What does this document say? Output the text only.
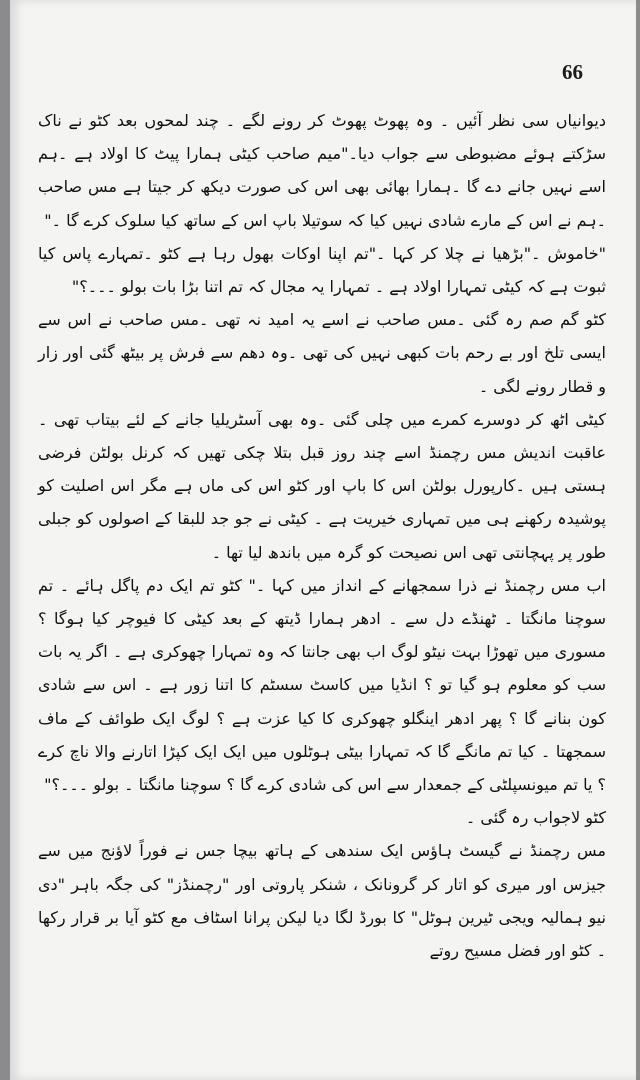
66

دیوانیاں سی نظر آئیں ۔ وہ پھوٹ پھوٹ کر رونے لگے ۔ چند لمحوں بعد کٹو نے ناک سڑکتے ہوئے مضبوطی سے جواب دیا۔"میم صاحب کیٹی ہمارا پیٹ کا اولاد ہے ۔ہم اسے نہیں جانے دے گا ۔ہمارا بھائی بھی اس کی صورت دیکھ کر جیتا ہے مس صاحب ۔ہم نے اس کے مارے شادی نہیں کیا کہ سوتیلا باپ اس کے ساتھ کیا سلوک کرے گا ۔"

"خاموش ۔"بڑھیا نے چلا کر کہا ۔"تم اپنا اوکات بھول رہا ہے کٹو ۔تمہارے پاس کیا ثبوت ہے کہ کیٹی تمہارا اولاد ہے ۔ تمہارا یہ مجال کہ تم اتنا بڑا بات بولو ۔۔۔؟"

کٹو گم صم رہ گئی ۔مس صاحب نے اسے یہ امید نہ تھی ۔مس صاحب نے اس سے ایسی تلخ اور بے رحم بات کبھی نہیں کی تھی ۔وہ دھم سے فرش پر بیٹھ گئی اور زار و قطار رونے لگی ۔

کیٹی اٹھ کر دوسرے کمرے میں چلی گئی ۔وہ بھی آسٹریلیا جانے کے لئے بیتاب تھی ۔عاقبت اندیش مس رچمنڈ اسے چند روز قبل بتلا چکی تھیں کہ کرنل بولٹن فرضی ہستی ہیں ۔کارپورل بولٹن اس کا باپ اور کٹو اس کی ماں ہے مگر اس اصلیت کو پوشیدہ رکھنے ہی میں تمہاری خیریت ہے ۔ کیٹی نے جو جد للبقا کے اصولوں کو جبلی طور پر پہچانتی تھی اس نصیحت کو گرہ میں باندھ لیا تھا ۔

اب مس رچمنڈ نے ذرا سمجھانے کے انداز میں کہا ۔" کٹو تم ایک دم پاگل ہائے ۔ تم سوچنا مانگتا ۔ ٹھنڈے دل سے ۔ ادھر ہمارا ڈیتھ کے بعد کیٹی کا فیوچر کیا ہوگا ؟ مسوری میں تھوڑا بہت نیٹو لوگ اب بھی جانتا کہ وہ تمہارا چھوکری ہے ۔ اگر یہ بات سب کو معلوم ہو گیا تو ؟ انڈیا میں کاسٹ سسٹم کا اتنا زور ہے ۔ اس سے شادی کون بنانے گا ؟ پھر ادھر اینگلو چھوکری کا کیا عزت ہے ؟ لوگ ایک طوائف کے ماف سمجھتا ۔ کیا تم مانگے گا کہ تمہارا بیٹی ہوٹلوں میں ایک ایک کپڑا اتارنے والا ناچ کرے ؟ یا تم میونسپلٹی کے جمعدار سے اس کی شادی کرے گا ؟ سوچنا مانگتا ۔ بولو ۔۔۔؟"

کٹو لاجواب رہ گئی ۔

مس رچمنڈ نے گیسٹ ہاؤس ایک سندھی کے ہاتھ بیچا جس نے فوراً لاؤنج میں سے جیزس اور میری کو اتار کر گرونانک ، شنکر پاروتی اور "رچمنڈز" کی جگہ باہر "دی نیو ہمالیہ ویجی ٹیرین ہوٹل" کا بورڈ لگا دیا لیکن پرانا اسٹاف مع کٹو آیا بر قرار رکھا ۔ کٹو اور فضل مسیح روتے
